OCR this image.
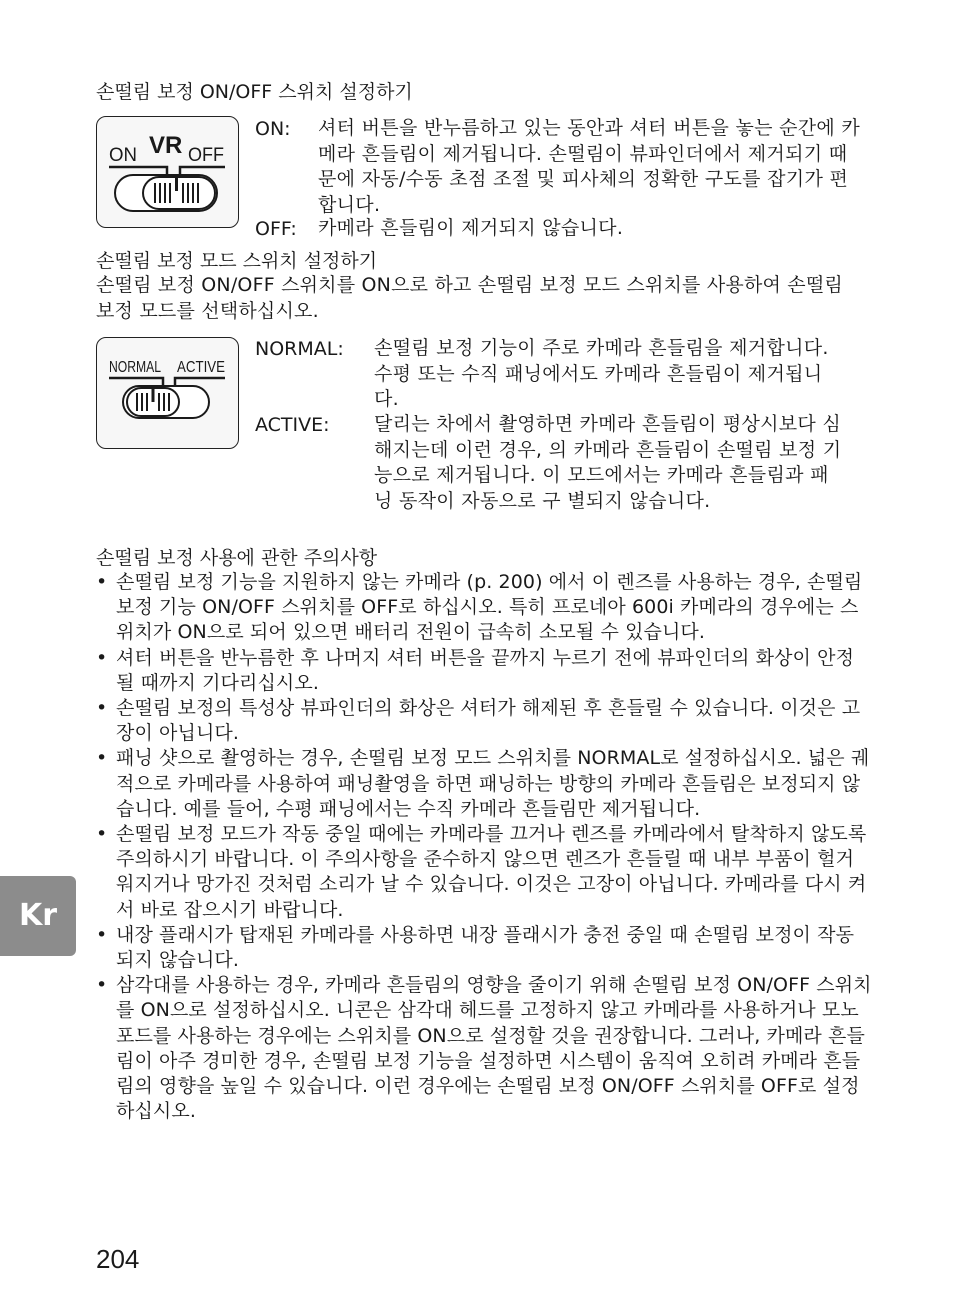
손떨림 보정 ON/OFF 스위치 설정하기
ON VR OFF
ON: 셔터 버튼을 반누름하고 있는 동안과 셔터 버튼을 놓는 순간에 카메라 흔들림이 제거됩니다. 손떨림이 뷰파인더에서 제거되기 때문에 자동/수동 초점 조절 및 피사체의 정확한 구도를 잡기가 편합니다.
OFF: 카메라 흔들림이 제거되지 않습니다.
손떨림 보정 모드 스위치 설정하기
손떨림 보정 ON/OFF 스위치를 ON으로 하고 손떨림 보정 모드 스위치를 사용하여 손떨림 보정 모드를 선택하십시오.
NORMAL ACTIVE
NORMAL: 손떨림 보정 기능이 주로 카메라 흔들림을 제거합니다. 수평 또는 수직 패닝에서도 카메라 흔들림이 제거됩니다.
ACTIVE: 달리는 차에서 촬영하면 카메라 흔들림이 평상시보다 심해지는데 이런 경우, 의 카메라 흔들림이 손떨림 보정 기능으로 제거됩니다. 이 모드에서는 카메라 흔들림과 패닝 동작이 자동으로 구 별되지 않습니다.
손떨림 보정 사용에 관한 주의사항
• 손떨림 보정 기능을 지원하지 않는 카메라 (p. 200) 에서 이 렌즈를 사용하는 경우, 손떨림 보정 기능 ON/OFF 스위치를 OFF로 하십시오. 특히 프로네아 600i 카메라의 경우에는 스위치가 ON으로 되어 있으면 배터리 전원이 급속히 소모될 수 있습니다.
• 셔터 버튼을 반누름한 후 나머지 셔터 버튼을 끝까지 누르기 전에 뷰파인더의 화상이 안정될 때까지 기다리십시오.
• 손떨림 보정의 특성상 뷰파인더의 화상은 셔터가 해제된 후 흔들릴 수 있습니다. 이것은 고장이 아닙니다.
• 패닝 샷으로 촬영하는 경우, 손떨림 보정 모드 스위치를 NORMAL로 설정하십시오. 넓은 궤적으로 카메라를 사용하여 패닝촬영을 하면 패닝하는 방향의 카메라 흔들림은 보정되지 않습니다. 예를 들어, 수평 패닝에서는 수직 카메라 흔들림만 제거됩니다.
• 손떨림 보정 모드가 작동 중일 때에는 카메라를 끄거나 렌즈를 카메라에서 탈착하지 않도록 주의하시기 바랍니다. 이 주의사항을 준수하지 않으면 렌즈가 흔들릴 때 내부 부품이 헐거워지거나 망가진 것처럼 소리가 날 수 있습니다. 이것은 고장이 아닙니다. 카메라를 다시 켜서 바로 잡으시기 바랍니다.
• 내장 플래시가 탑재된 카메라를 사용하면 내장 플래시가 충전 중일 때 손떨림 보정이 작동되지 않습니다.
• 삼각대를 사용하는 경우, 카메라 흔들림의 영향을 줄이기 위해 손떨림 보정 ON/OFF 스위치를 ON으로 설정하십시오. 니콘은 삼각대 헤드를 고정하지 않고 카메라를 사용하거나 모노포드를 사용하는 경우에는 스위치를 ON으로 설정할 것을 권장합니다. 그러나, 카메라 흔들림이 아주 경미한 경우, 손떨림 보정 기능을 설정하면 시스템이 움직여 오히려 카메라 흔들림의 영향을 높일 수 있습니다. 이런 경우에는 손떨림 보정 ON/OFF 스위치를 OFF로 설정하십시오.
Kr
204
